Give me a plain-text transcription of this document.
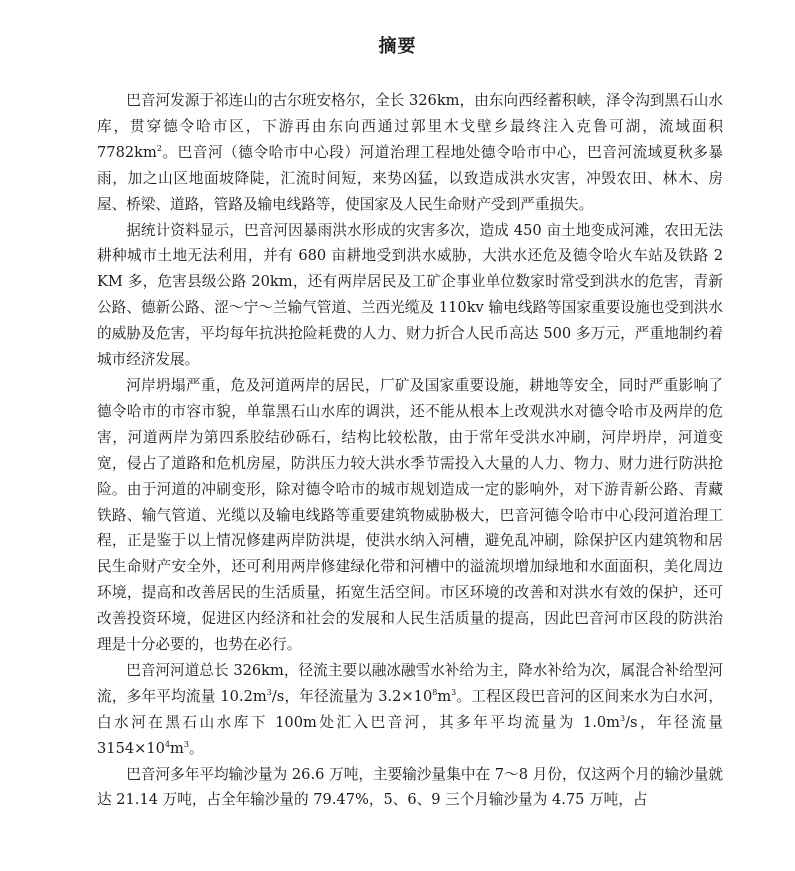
摘要

巴音河发源于祁连山的古尔班安格尔，全长 326km，由东向西经蓄积峡，泽令沟到黑石山水库，贯穿德令哈市区，下游再由东向西通过郭里木戈壁乡最终注入克鲁可湖，流域面积 $7782km^2$。巴音河（德令哈市中心段）河道治理工程地处德令哈市中心，巴音河流域夏秋多暴雨，加之山区地面坡降陡，汇流时间短，来势凶猛，以致造成洪水灾害，冲毁农田、林木、房屋、桥梁、道路，管路及输电线路等，使国家及人民生命财产受到严重损失。

据统计资料显示，巴音河因暴雨洪水形成的灾害多次，造成 450 亩土地变成河滩，农田无法耕种城市土地无法利用，并有 680 亩耕地受到洪水威胁，大洪水还危及德令哈火车站及铁路 2 KM 多，危害县级公路 20km，还有两岸居民及工矿企事业单位数家时常受到洪水的危害，青新公路、德新公路、涩～宁～兰输气管道、兰西光缆及 110kv 输电线路等国家重要设施也受到洪水的威胁及危害，平均每年抗洪抢险耗费的人力、财力折合人民币高达 500 多万元，严重地制约着城市经济发展。

河岸坍塌严重，危及河道两岸的居民，厂矿及国家重要设施，耕地等安全，同时严重影响了德令哈市的市容市貌，单靠黑石山水库的调洪，还不能从根本上改观洪水对德令哈市及两岸的危害，河道两岸为第四系胶结砂砾石，结构比较松散，由于常年受洪水冲刷，河岸坍岸，河道变宽，侵占了道路和危机房屋，防洪压力较大洪水季节需投入大量的人力、物力、财力进行防洪抢险。由于河道的冲刷变形，除对德令哈市的城市规划造成一定的影响外，对下游青新公路、青藏铁路、输气管道、光缆以及输电线路等重要建筑物威胁极大，巴音河德令哈市中心段河道治理工程，正是鉴于以上情况修建两岸防洪堤，使洪水纳入河槽，避免乱冲刷，除保护区内建筑物和居民生命财产安全外，还可利用两岸修建绿化带和河槽中的溢流坝增加绿地和水面面积，美化周边环境，提高和改善居民的生活质量，拓宽生活空间。市区环境的改善和对洪水有效的保护，还可改善投资环境，促进区内经济和社会的发展和人民生活质量的提高，因此巴音河市区段的防洪治理是十分必要的，也势在必行。

巴音河河道总长 326km，径流主要以融冰融雪水补给为主，降水补给为次，属混合补给型河流，多年平均流量 $10.2m^3/s$，年径流量为 $3.2\times 10^8m^3$。工程区段巴音河的区间来水为白水河，白水河在黑石山水库下 100m处汇入巴音河，其多年平均流量为 $1.0m^3/s$，年径流量 $3154\times 10^4m^3$。

巴音河多年平均输沙量为 26.6 万吨，主要输沙量集中在 7～8 月份，仅这两个月的输沙量就达 21.14 万吨，占全年输沙量的 79.47%，5、6、9 三个月输沙量为 4.75 万吨，占
